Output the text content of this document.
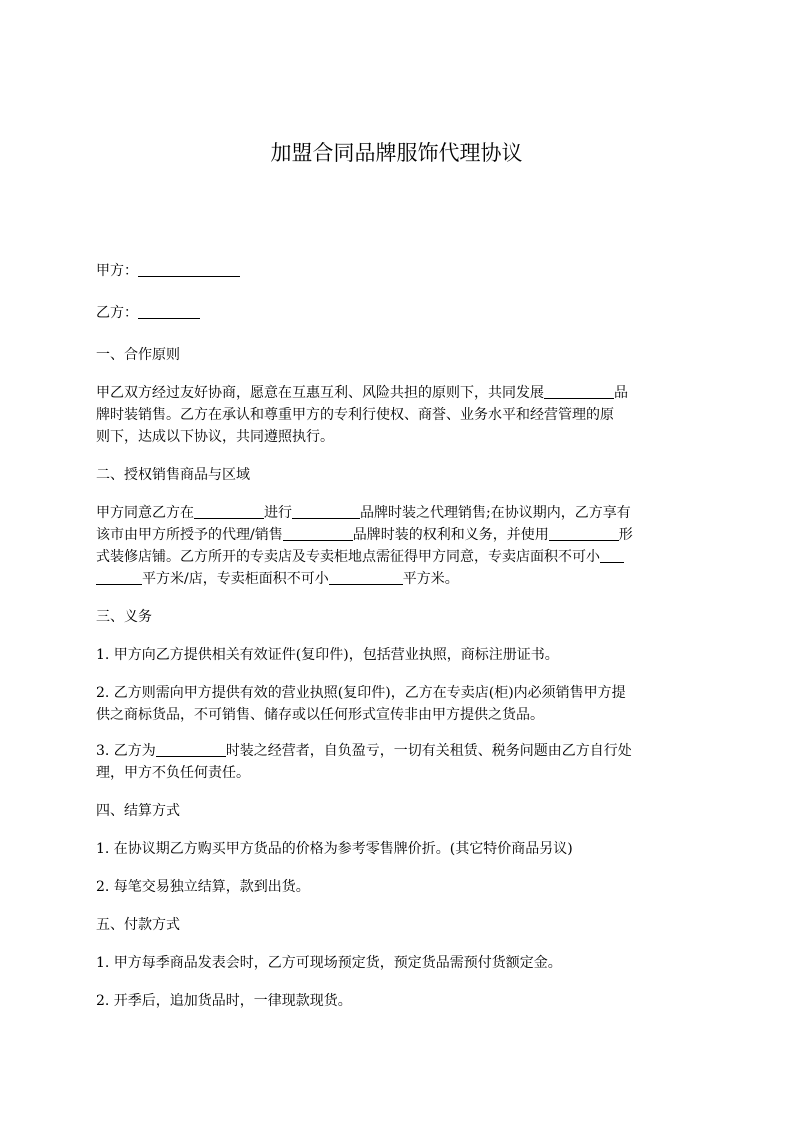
加盟合同品牌服饰代理协议

甲方：

乙方：

一、合作原则

甲乙双方经过友好协商，愿意在互惠互利、风险共担的原则下，共同发展	品

牌时装销售。乙方在承认和尊重甲方的专利行使权、商誉、业务水平和经营管理的原

则下，达成以下协议，共同遵照执行。

二、授权销售商品与区域

甲方同意乙方在	进行	品牌时装之代理销售;在协议期内，乙方享有

该市由甲方所授予的代理/销售	品牌时装的权利和义务，并使用	形

式装修店铺。乙方所开的专卖店及专卖柜地点需征得甲方同意，专卖店面积不可小

平方米/店，专卖柜面积不可小	平方米。

三、义务

1. 甲方向乙方提供相关有效证件(复印件)，包括营业执照，商标注册证书。

2. 乙方则需向甲方提供有效的营业执照(复印件)，乙方在专卖店(柜)内必须销售甲方提

供之商标货品，不可销售、储存或以任何形式宣传非由甲方提供之货品。

3. 乙方为	时装之经营者，自负盈亏，一切有关租赁、税务问题由乙方自行处

理，甲方不负任何责任。

四、结算方式

1. 在协议期乙方购买甲方货品的价格为参考零售牌价折。(其它特价商品另议)

2. 每笔交易独立结算，款到出货。

五、付款方式

1. 甲方每季商品发表会时，乙方可现场预定货，预定货品需预付货额定金。

2. 开季后，追加货品时，一律现款现货。
